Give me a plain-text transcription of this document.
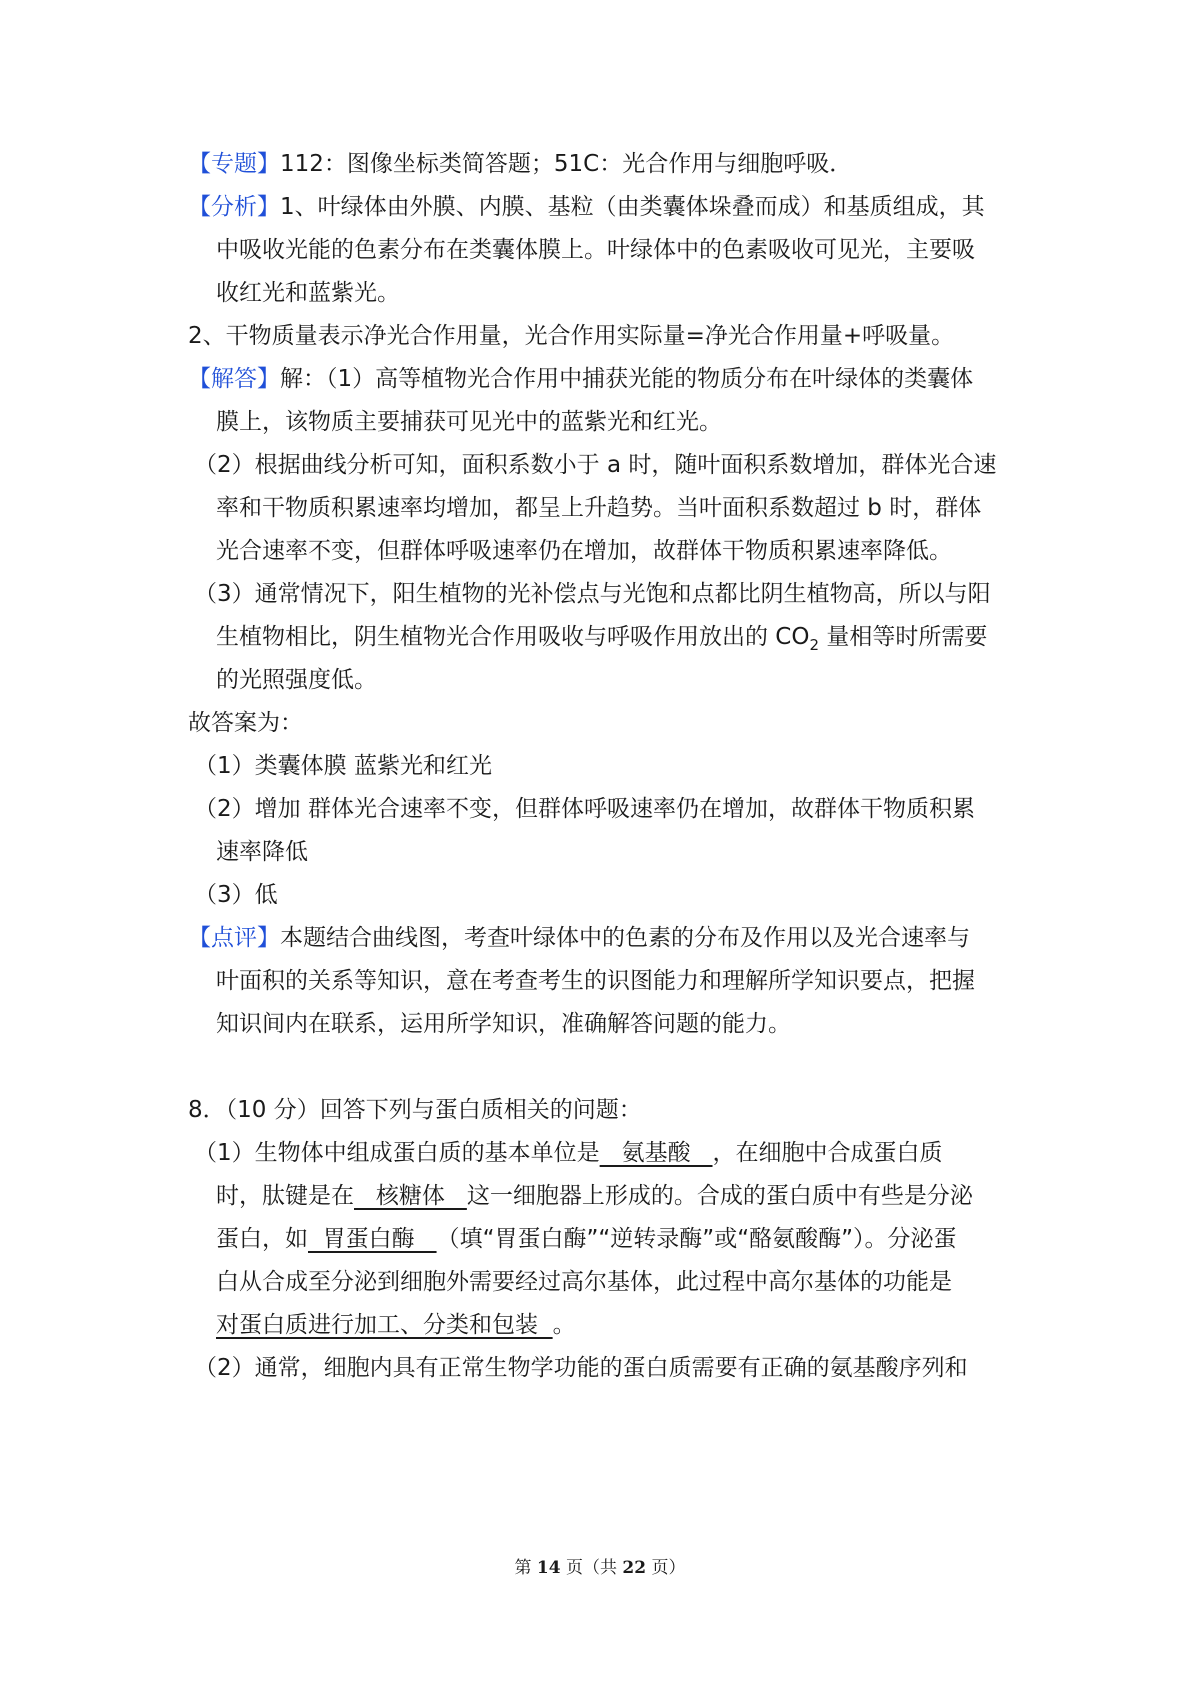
【专题】112：图像坐标类简答题；51C：光合作用与细胞呼吸．
【分析】1、叶绿体由外膜、内膜、基粒（由类囊体垛叠而成）和基质组成，其
中吸收光能的色素分布在类囊体膜上。叶绿体中的色素吸收可见光，主要吸
收红光和蓝紫光。
2、干物质量表示净光合作用量，光合作用实际量=净光合作用量+呼吸量。
【解答】解：（1）高等植物光合作用中捕获光能的物质分布在叶绿体的类囊体
膜上，该物质主要捕获可见光中的蓝紫光和红光。
（2）根据曲线分析可知，面积系数小于 a 时，随叶面积系数增加，群体光合速
率和干物质积累速率均增加，都呈上升趋势。当叶面积系数超过 b 时，群体
光合速率不变，但群体呼吸速率仍在增加，故群体干物质积累速率降低。
（3）通常情况下，阳生植物的光补偿点与光饱和点都比阴生植物高，所以与阳
生植物相比，阴生植物光合作用吸收与呼吸作用放出的 $CO_2$ 量相等时所需要
的光照强度低。
故答案为：
（1）类囊体膜 蓝紫光和红光
（2）增加 群体光合速率不变，但群体呼吸速率仍在增加，故群体干物质积累
速率降低
（3）低
【点评】本题结合曲线图，考查叶绿体中的色素的分布及作用以及光合速率与
叶面积的关系等知识，意在考查考生的识图能力和理解所学知识要点，把握
知识间内在联系，运用所学知识，准确解答问题的能力。
8．（10 分）回答下列与蛋白质相关的问题：
（1）生物体中组成蛋白质的基本单位是   氨基酸   ，在细胞中合成蛋白质
时，肽键是在   核糖体   这一细胞器上形成的。合成的蛋白质中有些是分泌
蛋白，如  胃蛋白酶   （填“胃蛋白酶”“逆转录酶”或“酪氨酸酶”）。分泌蛋
白从合成至分泌到细胞外需要经过高尔基体，此过程中高尔基体的功能是
对蛋白质进行加工、分类和包装  。
（2）通常，细胞内具有正常生物学功能的蛋白质需要有正确的氨基酸序列和
第 14 页（共 22 页）
